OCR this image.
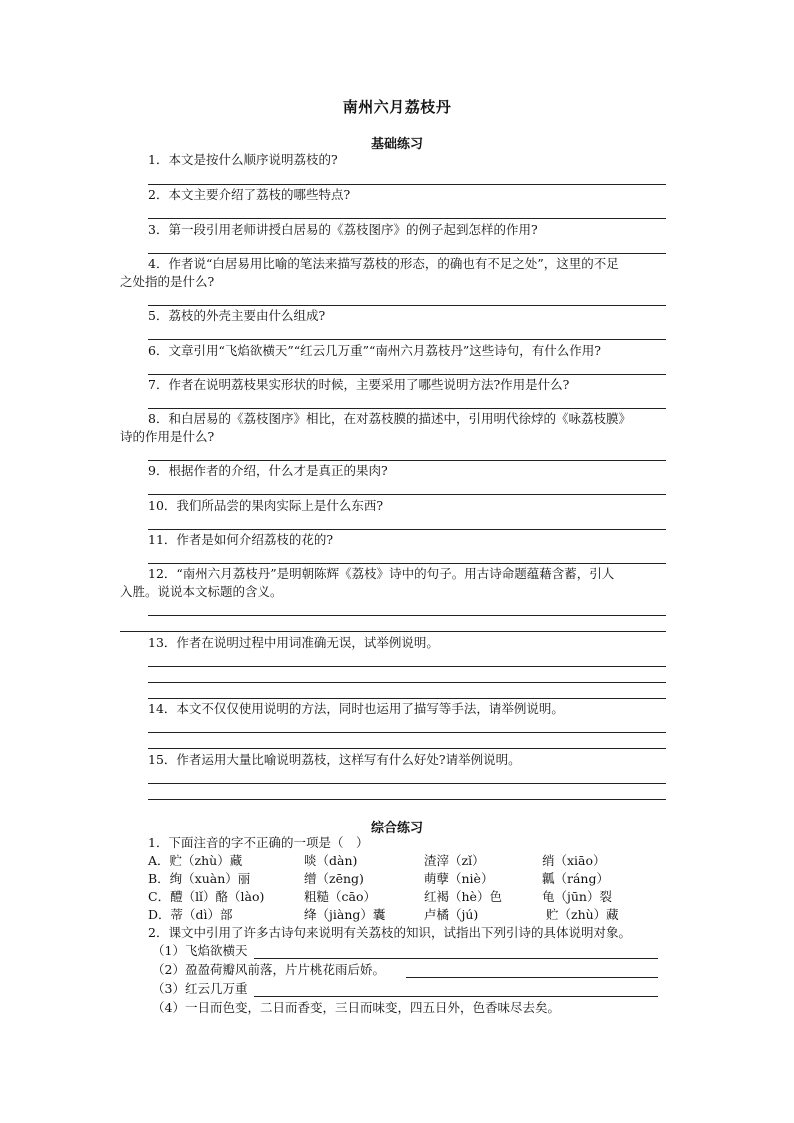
南州六月荔枝丹
基础练习
1．本文是按什么顺序说明荔枝的?
2．本文主要介绍了荔枝的哪些特点?
3．第一段引用老师讲授白居易的《荔枝图序》的例子起到怎样的作用?
4．作者说“白居易用比喻的笔法来描写荔枝的形态，的确也有不足之处”，这里的不足
之处指的是什么?
5．荔枝的外壳主要由什么组成?
6．文章引用“飞焰欲横天”“红云几万重”“南州六月荔枝丹”这些诗句，有什么作用?
7．作者在说明荔枝果实形状的时候，主要采用了哪些说明方法?作用是什么?
8．和白居易的《荔枝图序》相比，在对荔枝膜的描述中，引用明代徐㶿的《咏荔枝膜》
诗的作用是什么?
9．根据作者的介绍，什么才是真正的果肉?
10．我们所品尝的果肉实际上是什么东西?
11．作者是如何介绍荔枝的花的?
12．“南州六月荔枝丹”是明朝陈辉《荔枝》诗中的句子。用古诗命题蕴藉含蓄，引人
入胜。说说本文标题的含义。
13．作者在说明过程中用词准确无误，试举例说明。
14．本文不仅仅使用说明的方法，同时也运用了描写等手法，请举例说明。
15．作者运用大量比喻说明荔枝，这样写有什么好处?请举例说明。
综合练习
1．下面注音的字不正确的一项是（　）
A．贮（zhù）藏	啖（dàn)	渣滓（zǐ）	绡（xiāo）
B．绚（xuàn）丽	缯（zēng)	萌孽（niè）	瓤（ráng）
C．醴（lǐ）酪（lào)	粗糙（cāo）	红褐（hè）色	龟（jūn）裂
D．蒂（dì）部	绛（jiàng）囊	卢橘（jú)	贮（zhù）藏
2．课文中引用了许多古诗句来说明有关荔枝的知识，试指出下列引诗的具体说明对象。
（1）飞焰欲横天
（2）盈盈荷瓣风前落，片片桃花雨后娇。
（3）红云几万重
（4）一日而色变，二日而香变，三日而味变，四五日外，色香味尽去矣。
